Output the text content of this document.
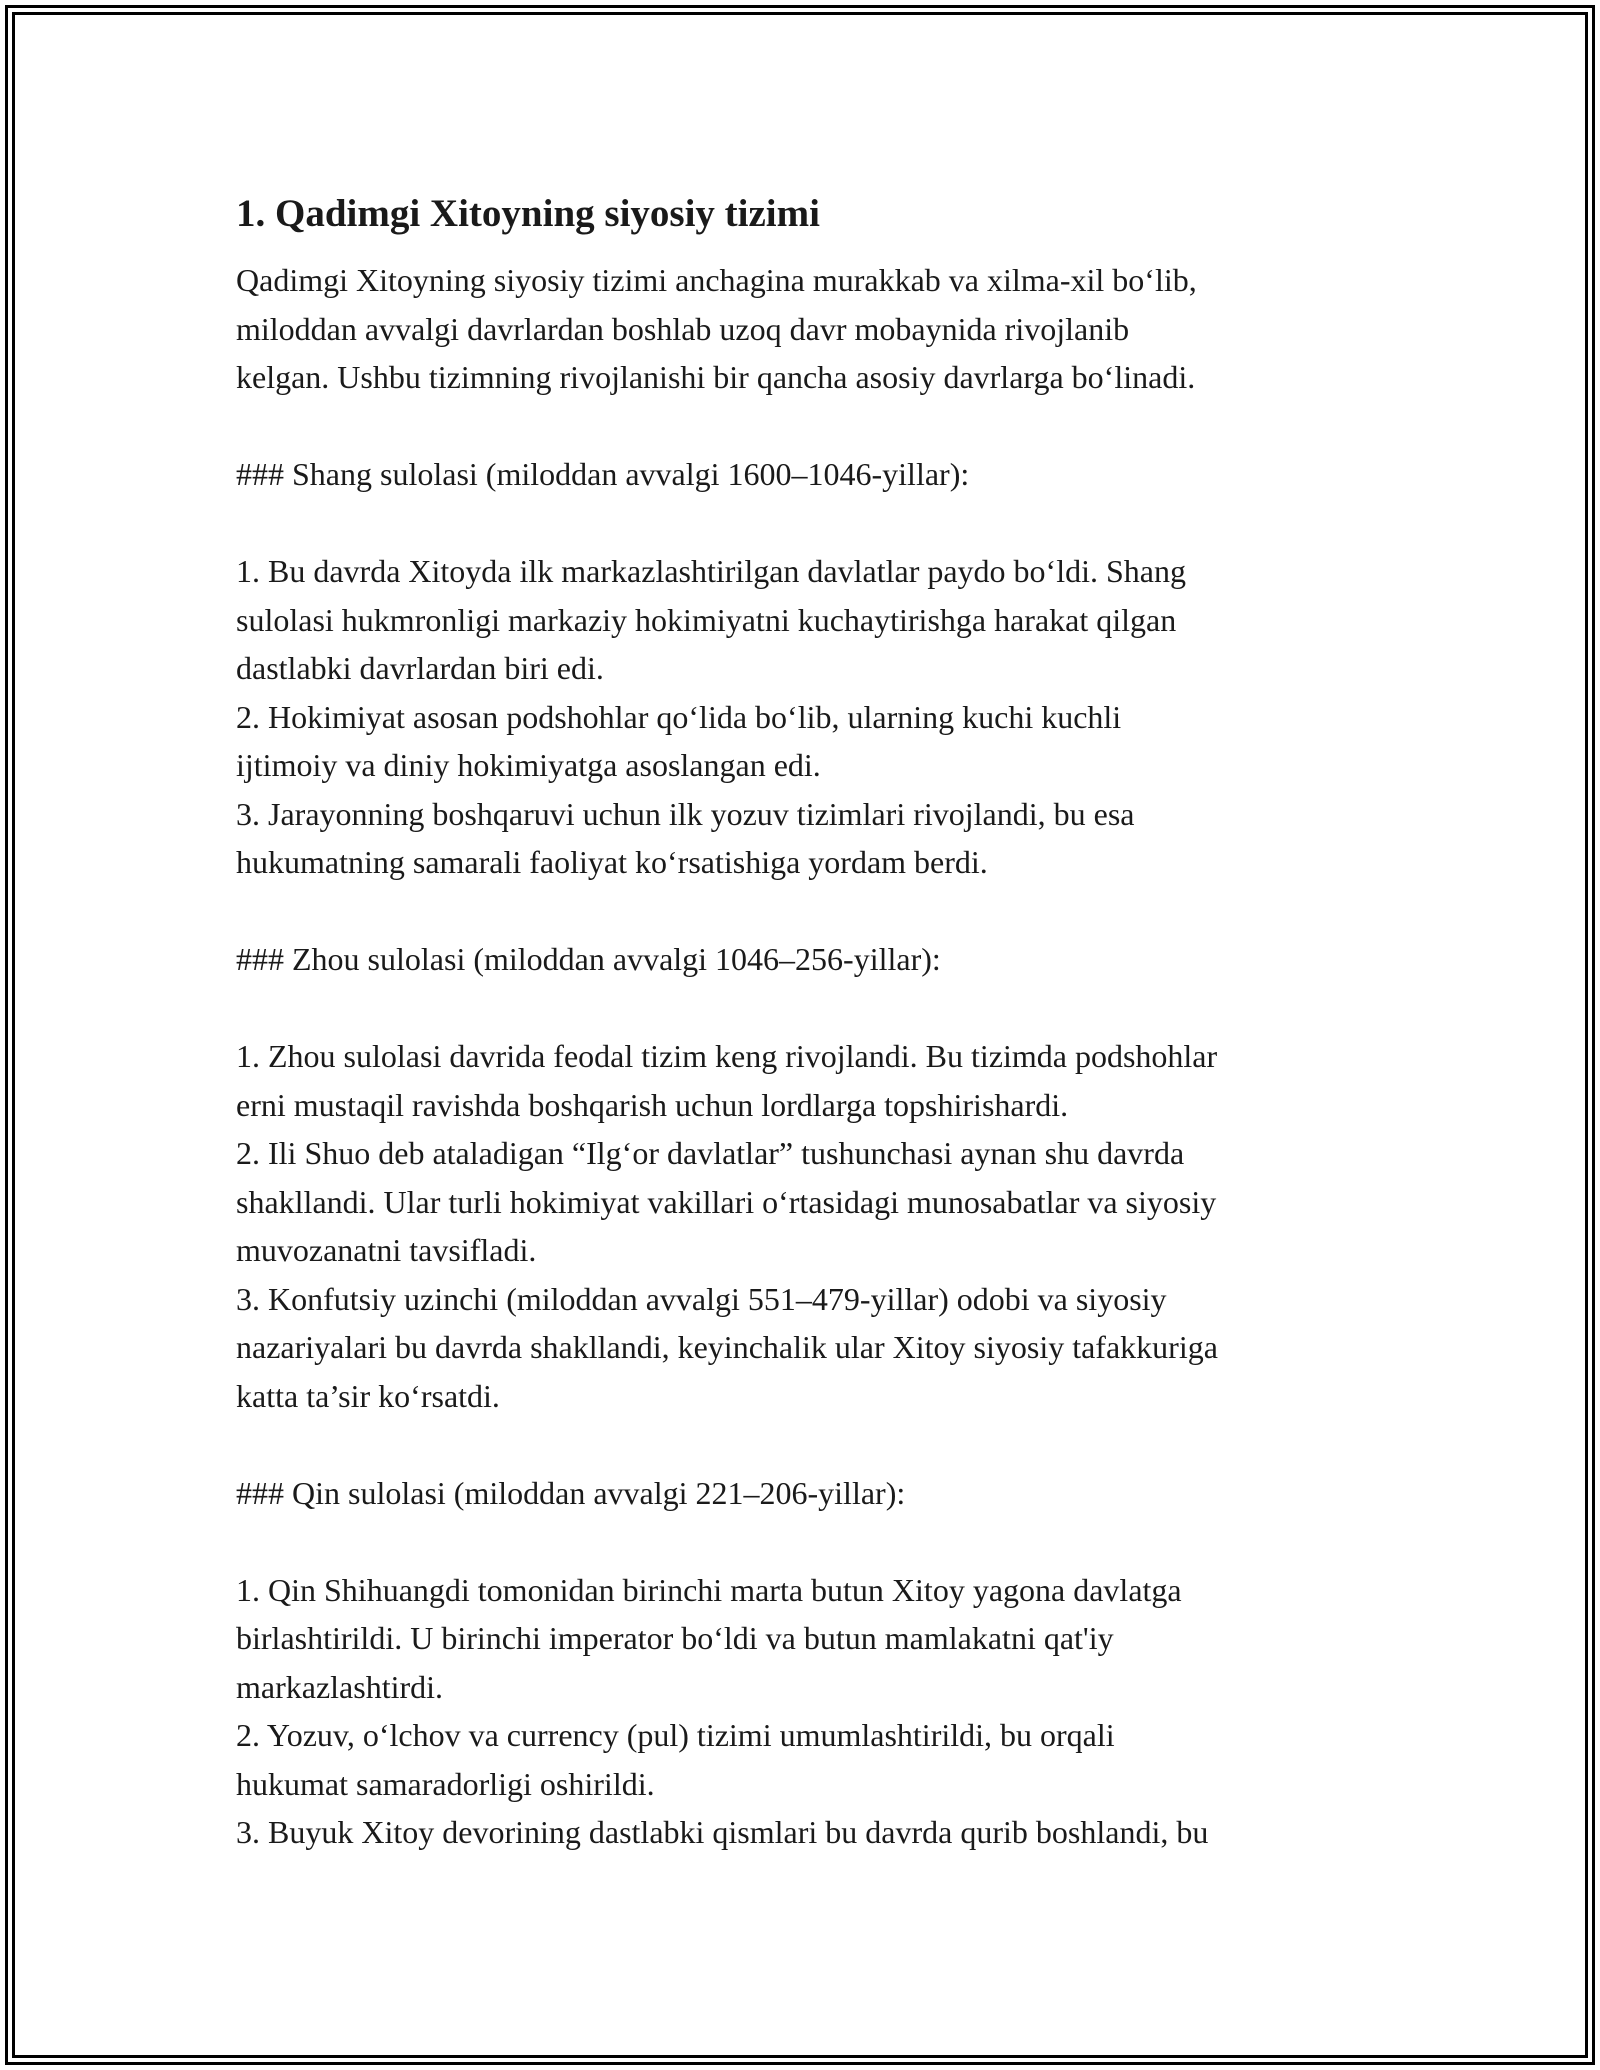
1. Qadimgi Xitoyning siyosiy tizimi

Qadimgi Xitoyning siyosiy tizimi anchagina murakkab va xilma-xil bo‘lib,
miloddan avvalgi davrlardan boshlab uzoq davr mobaynida rivojlanib
kelgan. Ushbu tizimning rivojlanishi bir qancha asosiy davrlarga bo‘linadi.

### Shang sulolasi (miloddan avvalgi 1600–1046-yillar):

1. Bu davrda Xitoyda ilk markazlashtirilgan davlatlar paydo bo‘ldi. Shang
sulolasi hukmronligi markaziy hokimiyatni kuchaytirishga harakat qilgan
dastlabki davrlardan biri edi.

2. Hokimiyat asosan podshohlar qo‘lida bo‘lib, ularning kuchi kuchli
ijtimoiy va diniy hokimiyatga asoslangan edi.

3. Jarayonning boshqaruvi uchun ilk yozuv tizimlari rivojlandi, bu esa
hukumatning samarali faoliyat ko‘rsatishiga yordam berdi.

### Zhou sulolasi (miloddan avvalgi 1046–256-yillar):

1. Zhou sulolasi davrida feodal tizim keng rivojlandi. Bu tizimda podshohlar
erni mustaqil ravishda boshqarish uchun lordlarga topshirishardi.

2. Ili Shuo deb ataladigan “Ilg‘or davlatlar” tushunchasi aynan shu davrda
shakllandi. Ular turli hokimiyat vakillari o‘rtasidagi munosabatlar va siyosiy
muvozanatni tavsifladi.

3. Konfutsiy uzinchi (miloddan avvalgi 551–479-yillar) odobi va siyosiy
nazariyalari bu davrda shakllandi, keyinchalik ular Xitoy siyosiy tafakkuriga
katta ta’sir ko‘rsatdi.

### Qin sulolasi (miloddan avvalgi 221–206-yillar):

1. Qin Shihuangdi tomonidan birinchi marta butun Xitoy yagona davlatga
birlashtirildi. U birinchi imperator bo‘ldi va butun mamlakatni qat'iy
markazlashtirdi.

2. Yozuv, o‘lchov va currency (pul) tizimi umumlashtirildi, bu orqali
hukumat samaradorligi oshirildi.

3. Buyuk Xitoy devorining dastlabki qismlari bu davrda qurib boshlandi, bu
